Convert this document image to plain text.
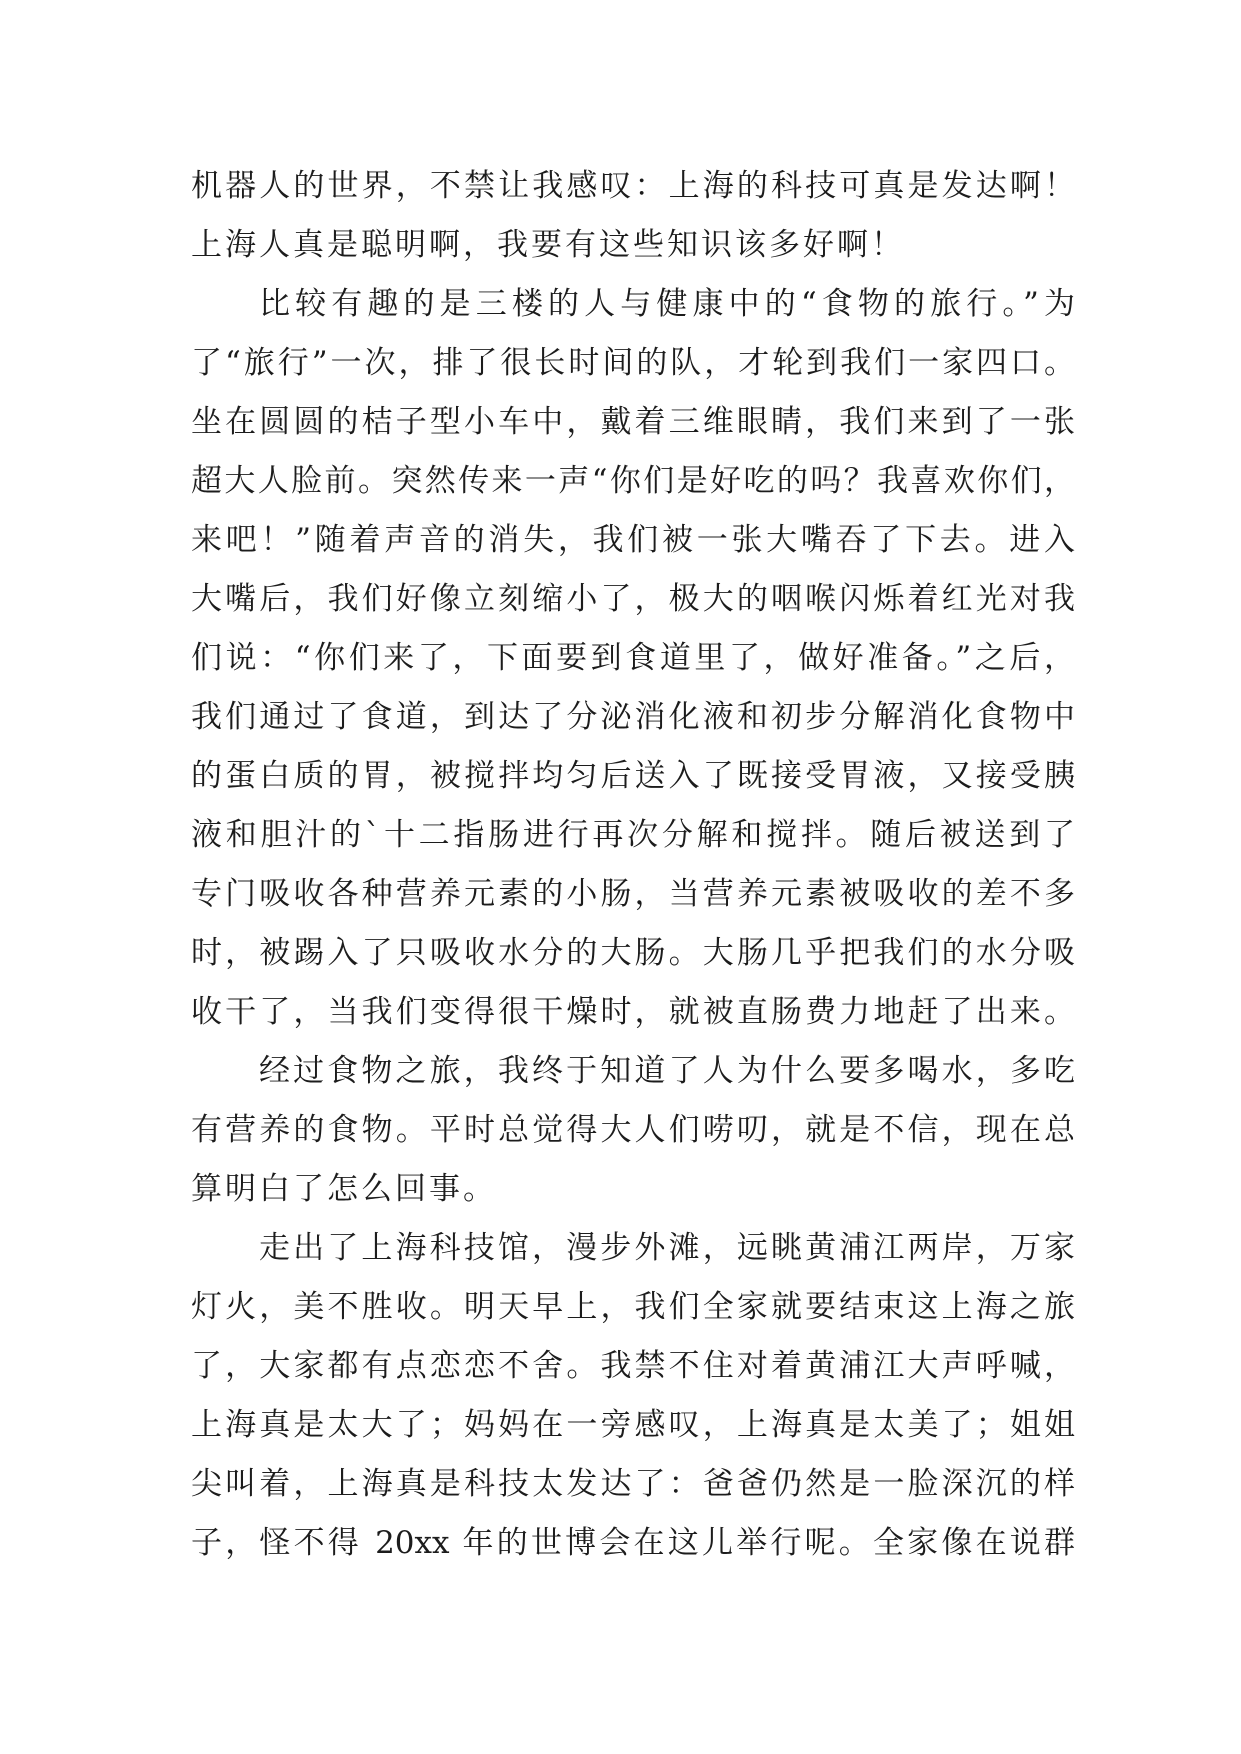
机器人的世界，不禁让我感叹：上海的科技可真是发达啊！
上海人真是聪明啊，我要有这些知识该多好啊！
比较有趣的是三楼的人与健康中的“食物的旅行。”为
了“旅行”一次，排了很长时间的队，才轮到我们一家四口。
坐在圆圆的桔子型小车中，戴着三维眼睛，我们来到了一张
超大人脸前。突然传来一声“你们是好吃的吗？我喜欢你们，
来吧！”随着声音的消失，我们被一张大嘴吞了下去。进入
大嘴后，我们好像立刻缩小了，极大的咽喉闪烁着红光对我
们说：“你们来了，下面要到食道里了，做好准备。”之后，
我们通过了食道，到达了分泌消化液和初步分解消化食物中
的蛋白质的胃，被搅拌均匀后送入了既接受胃液，又接受胰
液和胆汁的`十二指肠进行再次分解和搅拌。随后被送到了
专门吸收各种营养元素的小肠，当营养元素被吸收的差不多
时，被踢入了只吸收水分的大肠。大肠几乎把我们的水分吸
收干了，当我们变得很干燥时，就被直肠费力地赶了出来。
经过食物之旅，我终于知道了人为什么要多喝水，多吃
有营养的食物。平时总觉得大人们唠叨，就是不信，现在总
算明白了怎么回事。
走出了上海科技馆，漫步外滩，远眺黄浦江两岸，万家
灯火，美不胜收。明天早上，我们全家就要结束这上海之旅
了，大家都有点恋恋不舍。我禁不住对着黄浦江大声呼喊，
上海真是太大了；妈妈在一旁感叹，上海真是太美了；姐姐
尖叫着，上海真是科技太发达了：爸爸仍然是一脸深沉的样
子，怪不得 20xx 年的世博会在这儿举行呢。全家像在说群
